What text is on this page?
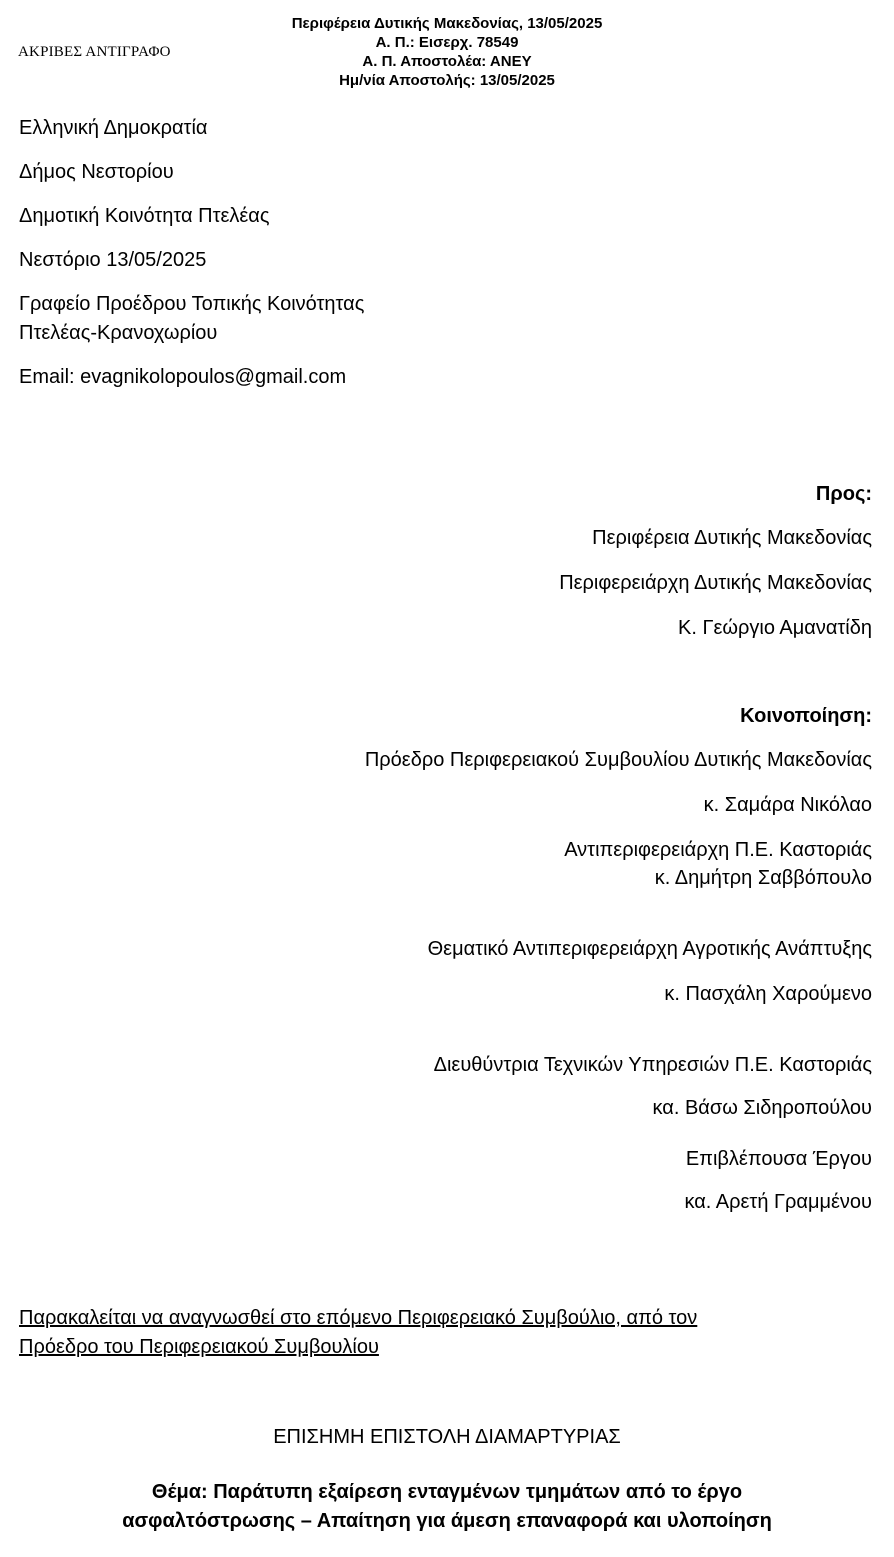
ΑΚΡΙΒΕΣ ΑΝΤΙΓΡΑΦΟ
Περιφέρεια Δυτικής Μακεδονίας, 13/05/2025
Α. Π.: Εισερχ. 78549
Α. Π. Αποστολέα: ΑΝΕΥ
Ημ/νία Αποστολής: 13/05/2025

Ελληνική Δημοκρατία

Δήμος Νεστορίου

Δημοτική Κοινότητα Πτελέας

Νεστόριο 13/05/2025

Γραφείο Προέδρου Τοπικής Κοινότητας
Πτελέας-Κρανοχωρίου

Email: evagnikolopoulos@gmail.com

Προς:

Περιφέρεια Δυτικής Μακεδονίας

Περιφερειάρχη Δυτικής Μακεδονίας

Κ. Γεώργιο Αμανατίδη

Κοινοποίηση:

Πρόεδρο Περιφερειακού Συμβουλίου Δυτικής Μακεδονίας

κ. Σαμάρα Νικόλαο

Αντιπεριφερειάρχη Π.Ε. Καστοριάς

κ. Δημήτρη Σαββόπουλο

Θεματικό Αντιπεριφερειάρχη Αγροτικής Ανάπτυξης

κ. Πασχάλη Χαρούμενο

Διευθύντρια Τεχνικών Υπηρεσιών Π.Ε. Καστοριάς

κα. Βάσω Σιδηροπούλου

Επιβλέπουσα Έργου

κα. Αρετή Γραμμένου

Παρακαλείται να αναγνωσθεί στο επόμενο Περιφερειακό Συμβούλιο, από τον

Πρόεδρο του Περιφερειακού Συμβουλίου

ΕΠΙΣΗΜΗ ΕΠΙΣΤΟΛΗ ΔΙΑΜΑΡΤΥΡΙΑΣ

Θέμα: Παράτυπη εξαίρεση ενταγμένων τμημάτων από το έργο

ασφαλτόστρωσης – Απαίτηση για άμεση επαναφορά και υλοποίηση
